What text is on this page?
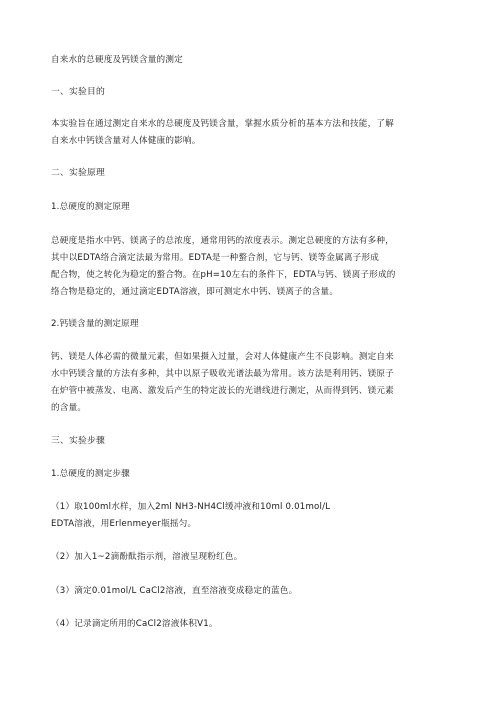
自来水的总硬度及钙镁含量的测定
一、实验目的
本实验旨在通过测定自来水的总硬度及钙镁含量，掌握水质分析的基本方法和技能，了解
自来水中钙镁含量对人体健康的影响。
二、实验原理
1.总硬度的测定原理
总硬度是指水中钙、镁离子的总浓度，通常用钙的浓度表示。测定总硬度的方法有多种，
其中以EDTA络合滴定法最为常用。EDTA是一种螯合剂，它与钙、镁等金属离子形成
配合物，使之转化为稳定的螯合物。在pH=10左右的条件下，EDTA与钙、镁离子形成的
络合物是稳定的，通过滴定EDTA溶液，即可测定水中钙、镁离子的含量。
2.钙镁含量的测定原理
钙、镁是人体必需的微量元素，但如果摄入过量，会对人体健康产生不良影响。测定自来
水中钙镁含量的方法有多种，其中以原子吸收光谱法最为常用。该方法是利用钙、镁原子
在炉管中被蒸发、电离、激发后产生的特定波长的光谱线进行测定，从而得到钙、镁元素
的含量。
三、实验步骤
1.总硬度的测定步骤
（1）取100ml水样，加入2ml NH3-NH4Cl缓冲液和10ml 0.01mol/L
EDTA溶液，用Erlenmeyer瓶摇匀。
（2）加入1~2滴酚酞指示剂，溶液呈现粉红色。
（3）滴定0.01mol/L CaCl2溶液，直至溶液变成稳定的蓝色。
（4）记录滴定所用的CaCl2溶液体积V1。
